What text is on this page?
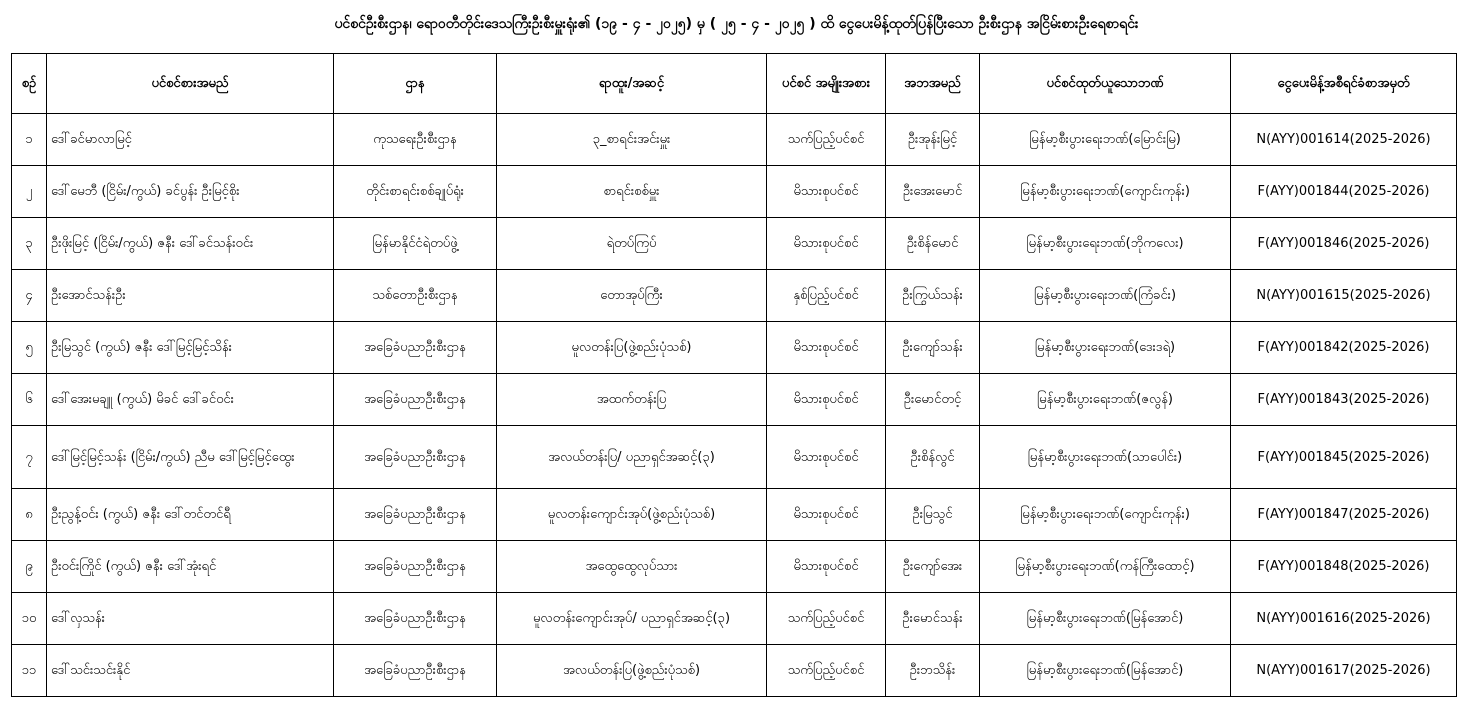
ပင်စင်ဦးစီးဌာန၊ ရောဝတီတိုင်းဒေသကြီးဦးစီးမှူးရုံး၏ (၁၉ - ၄ - ၂၀၂၅) မှ ( ၂၅ - ၄ - ၂၀၂၅ ) ထိ ငွေပေးမိန့်ထုတ်ပြန်ပြီးသော ဦးစီးဌာန အငြိမ်းစားဦးရေစာရင်း
စဉ်	ပင်စင်စားအမည်	ဌာန	ရာထူး/အဆင့်	ပင်စင် အမျိုးအစား	အဘအမည်	ပင်စင်ထုတ်ယူသောဘဏ်	ငွေပေးမိန့်အစီရင်ခံစာအမှတ်
၁	ဒေါ်ခင်မာလာမြင့်	ကုသရေးဦးစီးဌာန	၃_စာရင်းအင်းမှူး	သက်ပြည့်ပင်စင်	ဦးအုန်းမြင့်	မြန်မာ့စီးပွားရေးဘဏ်(မြောင်းမြ)	N(AYY)001614(2025-2026)
၂	ဒေါ်မေဘီ (ငြိမ်း/ကွယ်) ခင်ပွန်း ဦးမြင့်စိုး	တိုင်းစာရင်းစစ်ချုပ်ရုံး	စာရင်းစစ်မှူး	မိသားစုပင်စင်	ဦးအေးမောင်	မြန်မာ့စီးပွားရေးဘဏ်(ကျောင်းကုန်း)	F(AYY)001844(2025-2026)
၃	ဦးဖိုးမြင့် (ငြိမ်း/ကွယ်) ဇနီး ဒေါ်ခင်သန်းဝင်း	မြန်မာနိုင်ငံရဲတပ်ဖွဲ့	ရဲတပ်ကြပ်	မိသားစုပင်စင်	ဦးစိန်မောင်	မြန်မာ့စီးပွားရေးဘဏ်(ဘိုကလေး)	F(AYY)001846(2025-2026)
၄	ဦးအောင်သန်းဦး	သစ်တောဦးစီးဌာန	တောအုပ်ကြီး	နှစ်ပြည့်ပင်စင်	ဦးကြွယ်သန်း	မြန်မာ့စီးပွားရေးဘဏ်(ကြံခင်း)	N(AYY)001615(2025-2026)
၅	ဦးမြသွင် (ကွယ်) ဇနီး ဒေါ်မြင့်မြင့်သိန်း	အခြေခံပညာဦးစီးဌာန	မူလတန်းပြ(ဖွဲ့စည်းပုံသစ်)	မိသားစုပင်စင်	ဦးကျော်သန်း	မြန်မာ့စီးပွားရေးဘဏ်(ဒေးဒရဲ)	F(AYY)001842(2025-2026)
၆	ဒေါ်အေးမချူ (ကွယ်) မိခင် ဒေါ်ခင်ဝင်း	အခြေခံပညာဦးစီးဌာန	အထက်တန်းပြ	မိသားစုပင်စင်	ဦးမောင်တင့်	မြန်မာ့စီးပွားရေးဘဏ်(ဇလွန်)	F(AYY)001843(2025-2026)
၇	ဒေါ်မြင့်မြင့်သန်း (ငြိမ်း/ကွယ်) ညီမ ဒေါ်မြင့်မြင့်ထွေး	အခြေခံပညာဦးစီးဌာန	အလယ်တန်းပြ/ ပညာရှင်အဆင့်(၃)	မိသားစုပင်စင်	ဦးစိန်လွင်	မြန်မာ့စီးပွားရေးဘဏ်(သာပေါင်း)	F(AYY)001845(2025-2026)
၈	ဦးညွန့်ဝင်း (ကွယ်) ဇနီး ဒေါ်တင်တင်ရီ	အခြေခံပညာဦးစီးဌာန	မူလတန်းကျောင်းအုပ်(ဖွဲ့စည်းပုံသစ်)	မိသားစုပင်စင်	ဦးမြသွင်	မြန်မာ့စီးပွားရေးဘဏ်(ကျောင်းကုန်း)	F(AYY)001847(2025-2026)
၉	ဦးဝင်းကြိုင် (ကွယ်) ဇနီး ဒေါ်အုံးရင်	အခြေခံပညာဦးစီးဌာန	အထွေထွေလုပ်သား	မိသားစုပင်စင်	ဦးကျော်အေး	မြန်မာ့စီးပွားရေးဘဏ်(ကန်ကြီးထောင့်)	F(AYY)001848(2025-2026)
၁၀	ဒေါ်လှသန်း	အခြေခံပညာဦးစီးဌာန	မူလတန်းကျောင်းအုပ်/ ပညာရှင်အဆင့်(၃)	သက်ပြည့်ပင်စင်	ဦးမောင်သန်း	မြန်မာ့စီးပွားရေးဘဏ်(မြန်အောင်)	N(AYY)001616(2025-2026)
၁၁	ဒေါ်သင်းသင်းနိုင်	အခြေခံပညာဦးစီးဌာန	အလယ်တန်းပြ(ဖွဲ့စည်းပုံသစ်)	သက်ပြည့်ပင်စင်	ဦးဘသိန်း	မြန်မာ့စီးပွားရေးဘဏ်(မြန်အောင်)	N(AYY)001617(2025-2026)
